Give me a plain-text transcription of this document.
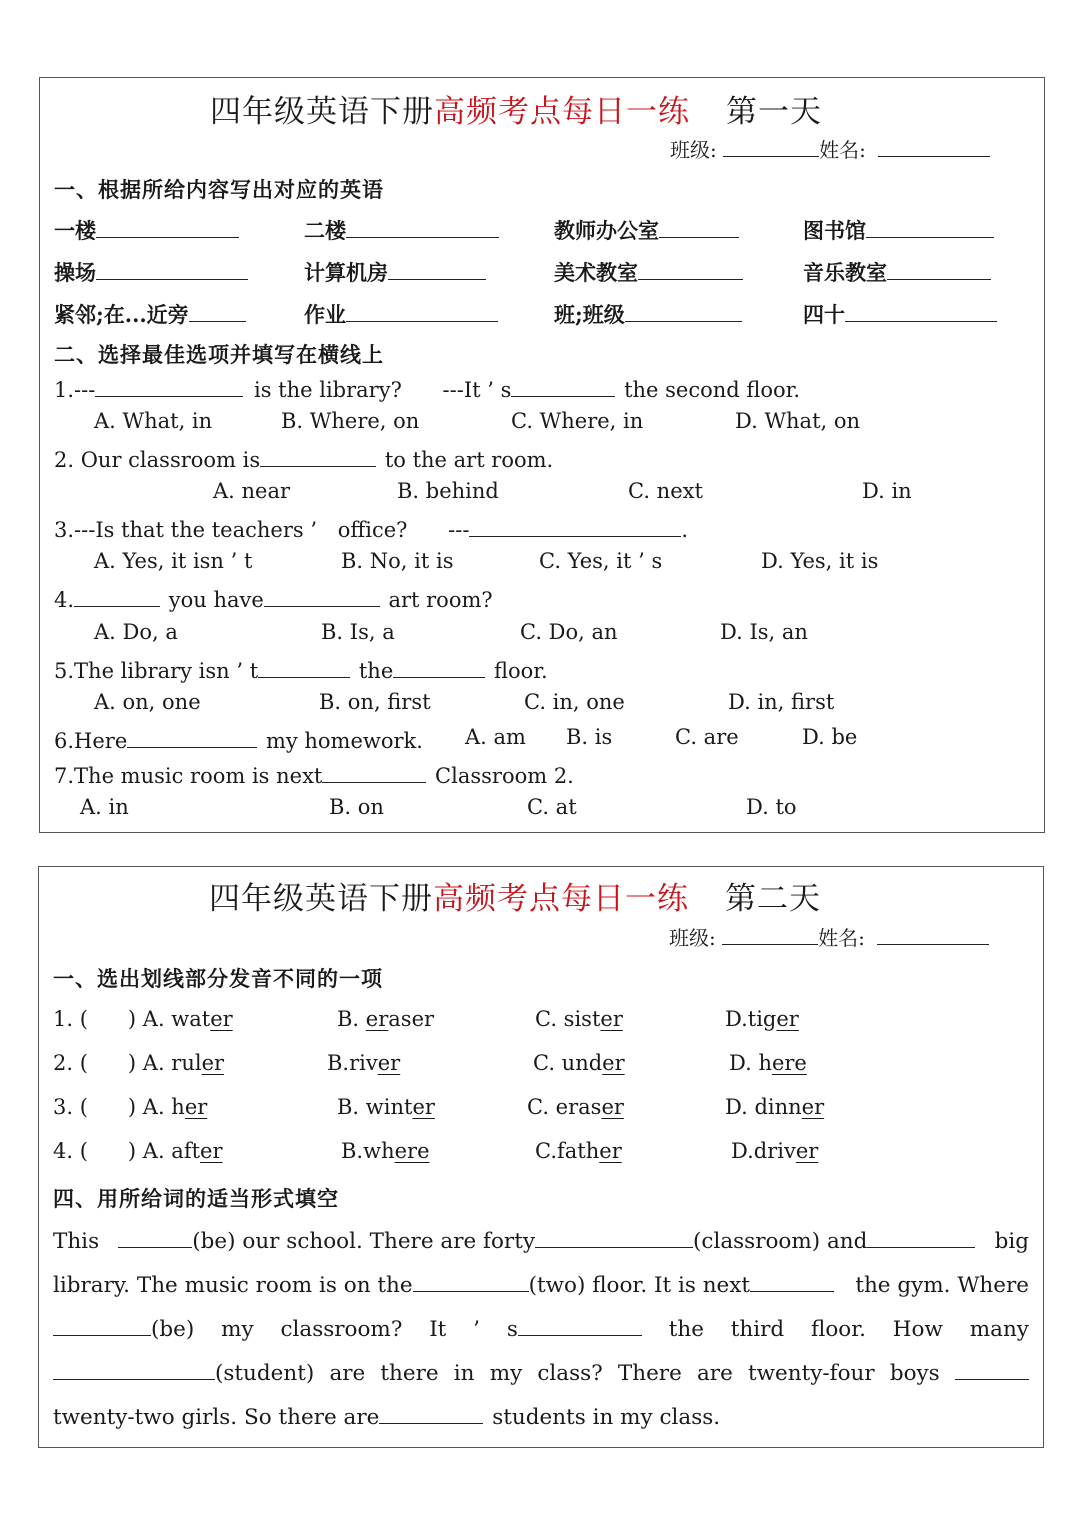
四年级英语下册高频考点每日一练 第一天
班级:	姓名:
一、根据所给内容写出对应的英语
一楼	二楼	教师办公室	图书馆
操场	计算机房	美术教室	音乐教室
紧邻;在...近旁	作业	班;班级	四十
二、选择最佳选项并填写在横线上
1.---	is the library? ---It ’ s	the second floor.
A. What, in	B. Where, on	C. Where, in	D. What, on
2. Our classroom is	to the art room.
A. near	B. behind	C. next	D. in
3.---Is that the teachers ’ office? ---	.
A. Yes, it isn ’ t	B. No, it is	C. Yes, it ’ s	D. Yes, it is
4.	you have	art room?
A. Do, a	B. Is, a	C. Do, an	D. Is, an
5.The library isn ’ t	the	floor.
A. on, one	B. on, first	C. in, one	D. in, first
6.Here	my homework. A. am B. is	C. are	D. be
7.The music room is next	Classroom 2.
A. in	B. on	C. at	D. to
四年级英语下册高频考点每日一练 第二天
班级:	姓名:
一、选出划线部分发音不同的一项
1. ( ) A. water	B. eraser	C. sister	D.tiger
2. ( ) A. ruler	B.river	C. under	D. here
3. ( ) A. her	B. winter	C. eraser	D. dinner
4. ( ) A. after	B.where	C.father	D.driver
四、用所给词的适当形式填空
This	(be) our school. There are forty	(classroom) and	big
library. The music room is on the	(two) floor. It is next	the gym. Where
(be) my classroom? It ’ s	the third floor. How many
(student) are there in my class? There are twenty-four boys
twenty-two girls. So there are	students in my class.
